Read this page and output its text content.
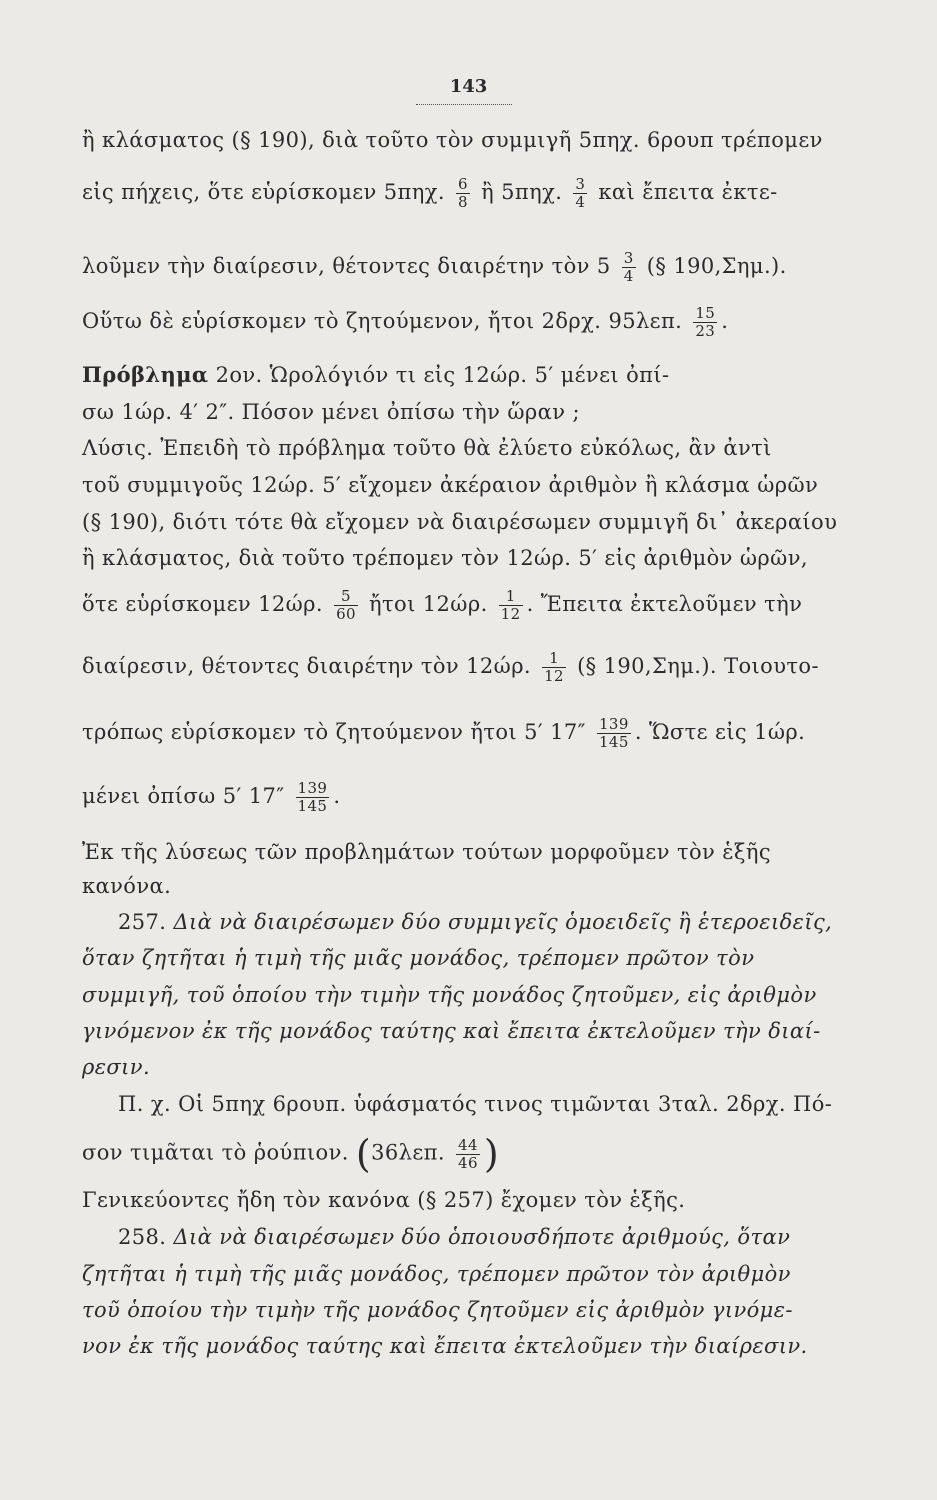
143
ἢ κλάσματος (§ 190), διὰ τοῦτο τὸν συμμιγῆ 5πηχ. 6ρουπ τρέπομεν
εἰς πήχεις, ὅτε εὑρίσκομεν 5πηχ. $\frac{6}{8}$ ἢ 5πηχ. $\frac{3}{4}$ καὶ ἔπειτα ἐκτε-
λοῦμεν τὴν διαίρεσιν, θέτοντες διαιρέτην τὸν $5 \frac{3}{4}$ (§ 190,Σημ.).
Οὕτω δὲ εὑρίσκομεν τὸ ζητούμενον, ἤτοι 2δρχ. 95λεπ. $\frac{15}{23}$ .
Πρόβλημα 2ον. Ὡρολόγιόν τι εἰς 12ώρ. 5′ μένει ὀπί-
σω 1ώρ. 4′ 2″. Πόσον μένει ὀπίσω τὴν ὥραν ;
Λύσις. Ἐπειδὴ τὸ πρόβλημα τοῦτο θὰ ἐλύετο εὐκόλως, ἂν ἀντὶ
τοῦ συμμιγοῦς 12ώρ. 5′ εἴχομεν ἀκέραιον ἀριθμὸν ἢ κλάσμα ὡρῶν
(§ 190), διότι τότε θὰ εἴχομεν νὰ διαιρέσωμεν συμμιγῆ δι᾽ ἀκεραίου
ἢ κλάσματος, διὰ τοῦτο τρέπομεν τὸν 12ώρ. 5′ εἰς ἀριθμὸν ὡρῶν,
ὅτε εὑρίσκομεν 12ώρ. $\frac{5}{60}$ ἤτοι 12ώρ. $\frac{1}{12}$ . Ἔπειτα ἐκτελοῦμεν τὴν
διαίρεσιν, θέτοντες διαιρέτην τὸν 12ώρ. $\frac{1}{12}$ (§ 190,Σημ.). Τοιουτο-
τρόπως εὑρίσκομεν τὸ ζητούμενον ἤτοι 5′ $17'' \frac{139}{145}$ . Ὥστε εἰς 1ώρ.
μένει ὀπίσω 5′ $17'' \frac{139}{145}$ .
Ἐκ τῆς λύσεως τῶν προβλημάτων τούτων μορφοῦμεν τὸν ἑξῆς
κανόνα.
257. Διὰ νὰ διαιρέσωμεν δύο συμμιγεῖς ὁμοειδεῖς ἢ ἑτεροειδεῖς,
ὅταν ζητῆται ἡ τιμὴ τῆς μιᾶς μονάδος, τρέπομεν πρῶτον τὸν
συμμιγῆ, τοῦ ὁποίου τὴν τιμὴν τῆς μονάδος ζητοῦμεν, εἰς ἀριθμὸν
γινόμενον ἐκ τῆς μονάδος ταύτης καὶ ἔπειτα ἐκτελοῦμεν τὴν διαί-
ρεσιν.
Π. χ. Οἱ 5πηχ 6ρουπ. ὑφάσματός τινος τιμῶνται 3ταλ. 2δρχ. Πό-
σον τιμᾶται τὸ ῥούπιον. (36λεπ. $\frac{44}{46}$ )
Γενικεύοντες ἤδη τὸν κανόνα (§ 257) ἔχομεν τὸν ἑξῆς.
258. Διὰ νὰ διαιρέσωμεν δύο ὁποιουσδήποτε ἀριθμούς, ὅταν
ζητῆται ἡ τιμὴ τῆς μιᾶς μονάδος, τρέπομεν πρῶτον τὸν ἀριθμὸν
τοῦ ὁποίου τὴν τιμὴν τῆς μονάδος ζητοῦμεν εἰς ἀριθμὸν γινόμε-
νον ἐκ τῆς μονάδος ταύτης καὶ ἔπειτα ἐκτελοῦμεν τὴν διαίρεσιν.
